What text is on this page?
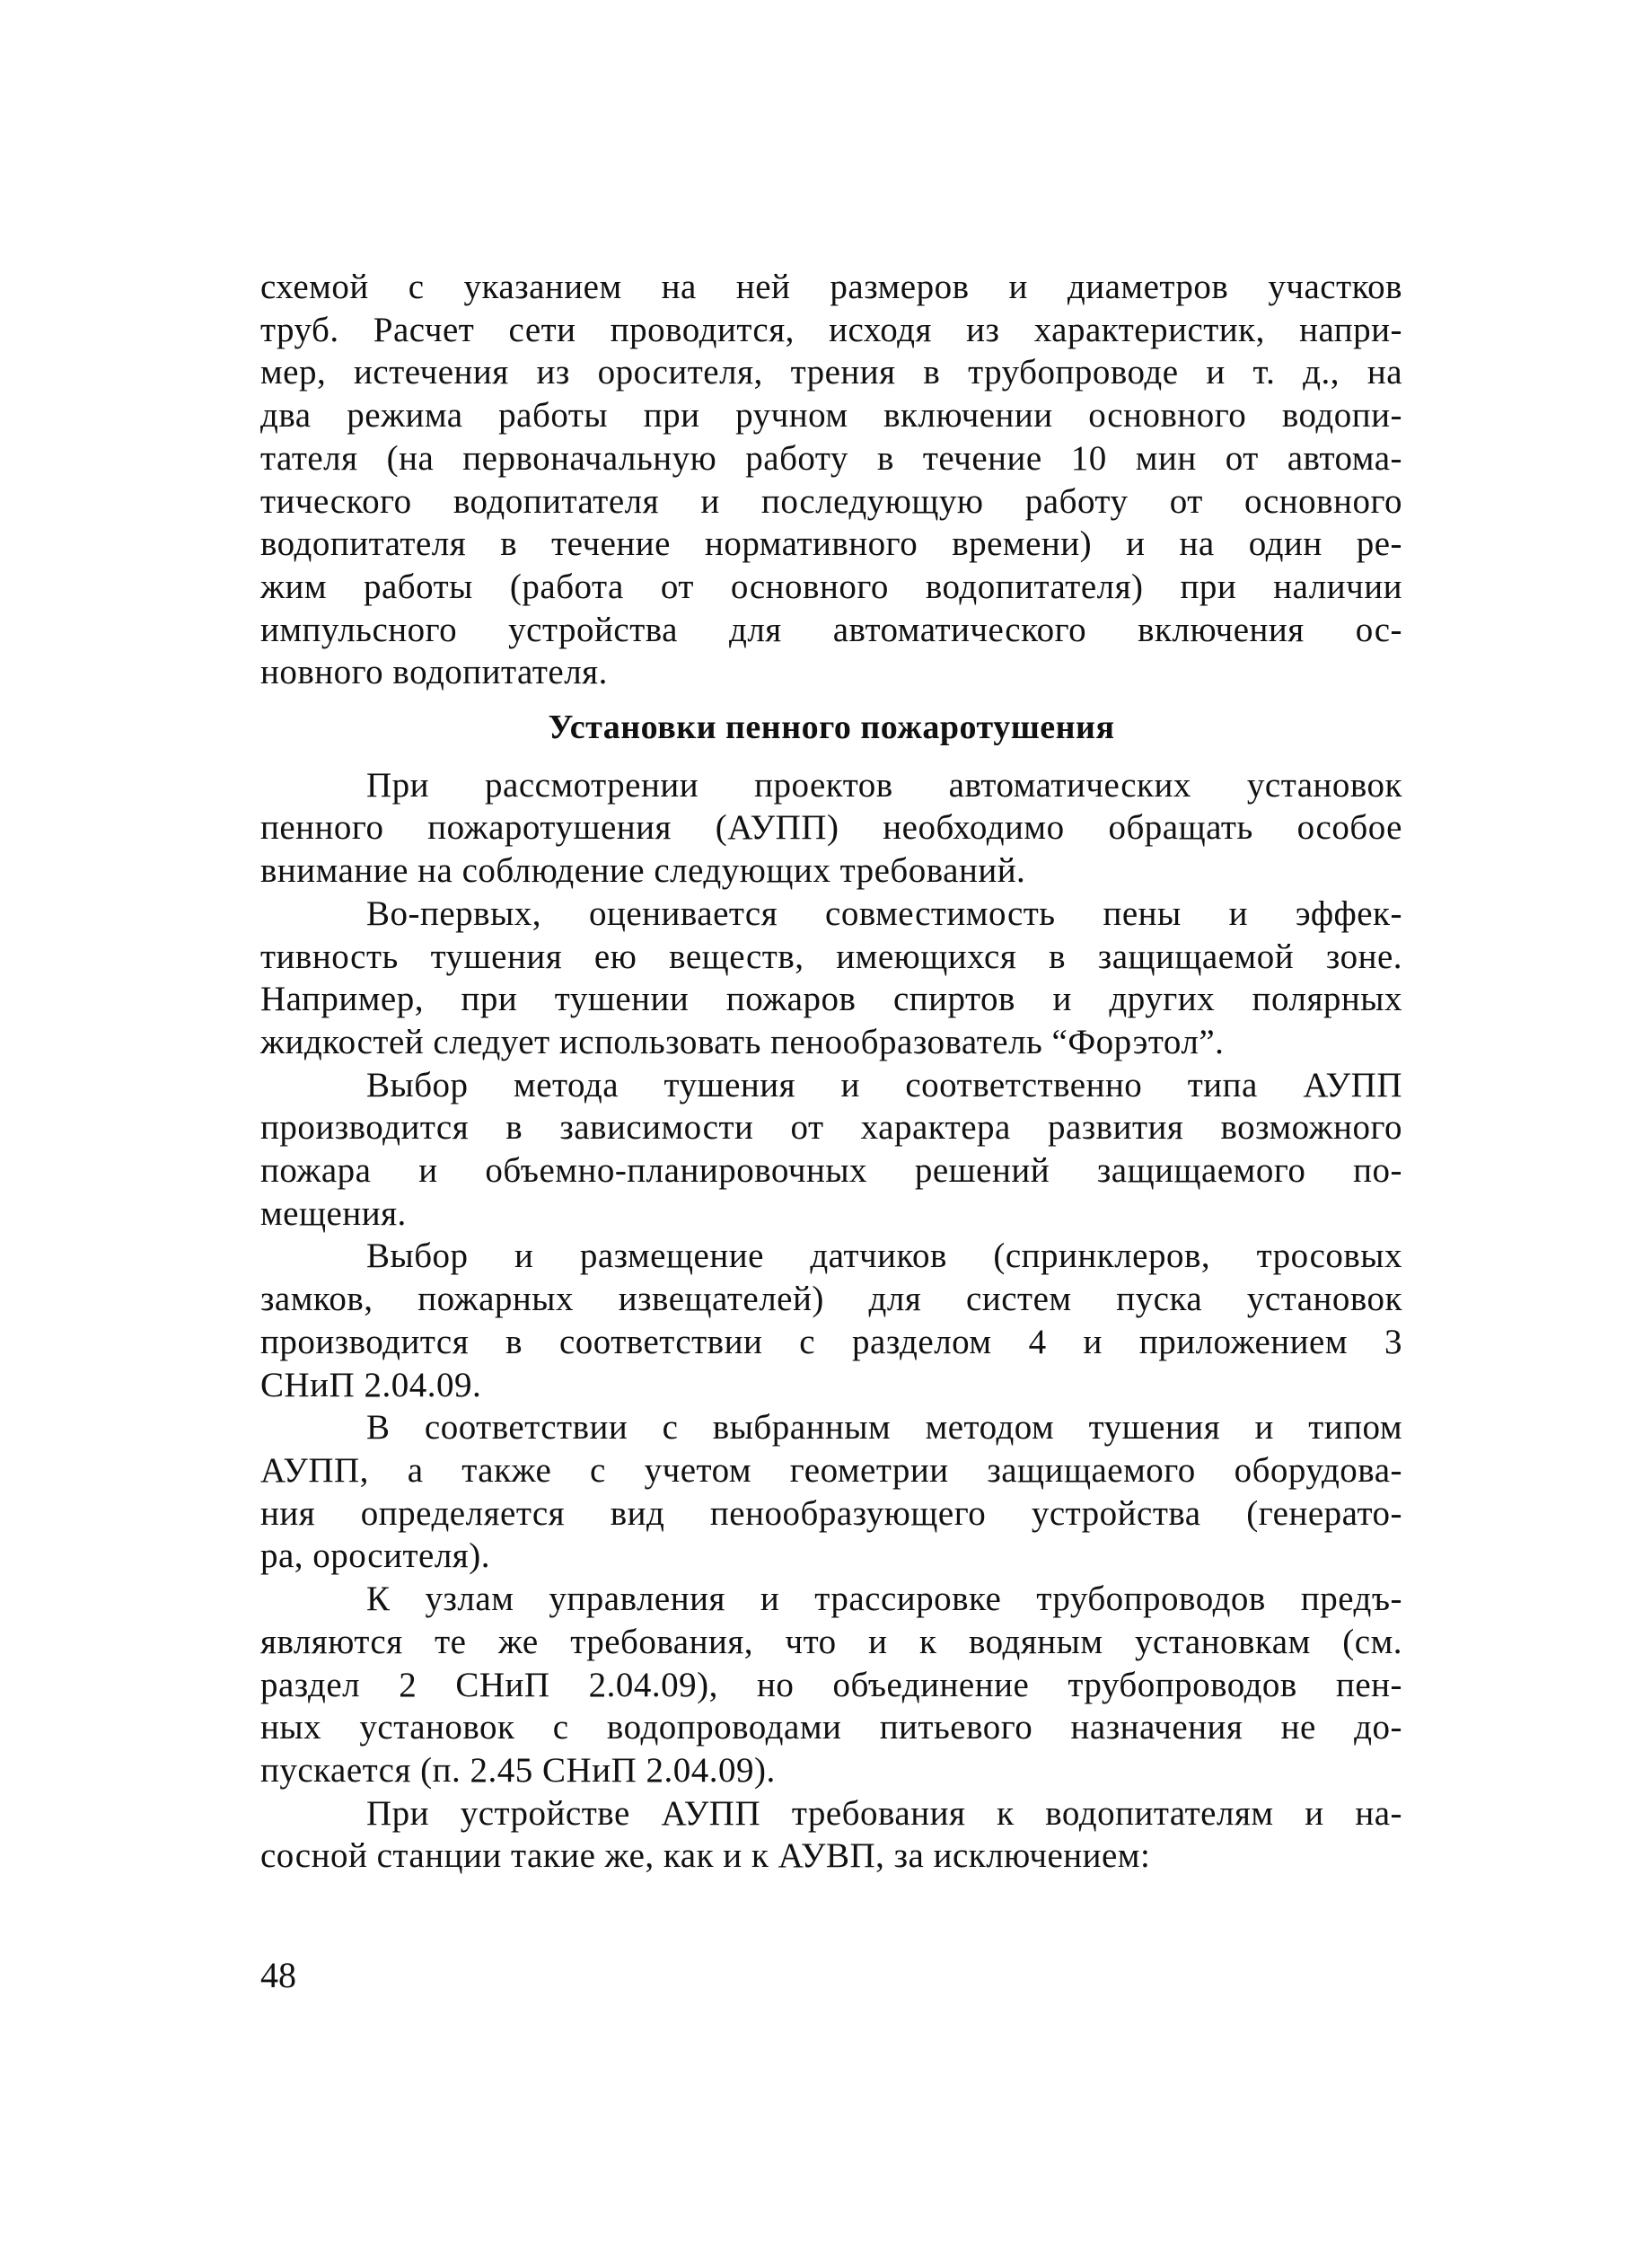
схемой с указанием на ней размеров и диаметров участков
труб. Расчет сети проводится, исходя из характеристик, напри-
мер, истечения из оросителя, трения в трубопроводе и т. д., на
два режима работы при ручном включении основного водопи-
тателя (на первоначальную работу в течение 10 мин от автома-
тического водопитателя и последующую работу от основного
водопитателя в течение нормативного времени) и на один ре-
жим работы (работа от основного водопитателя) при наличии
импульсного устройства для автоматического включения ос-
новного водопитателя.
Установки пенного пожаротушения
При рассмотрении проектов автоматических установок
пенного пожаротушения (АУПП) необходимо обращать особое
внимание на соблюдение следующих требований.
Во-первых, оценивается совместимость пены и эффек-
тивность тушения ею веществ, имеющихся в защищаемой зоне.
Например, при тушении пожаров спиртов и других полярных
жидкостей следует использовать пенообразователь “Форэтол”.
Выбор метода тушения и соответственно типа АУПП
производится в зависимости от характера развития возможного
пожара и объемно-планировочных решений защищаемого по-
мещения.
Выбор и размещение датчиков (спринклеров, тросовых
замков, пожарных извещателей) для систем пуска установок
производится в соответствии с разделом 4 и приложением 3
СНиП 2.04.09.
В соответствии с выбранным методом тушения и типом
АУПП, а также с учетом геометрии защищаемого оборудова-
ния определяется вид пенообразующего устройства (генерато-
ра, оросителя).
К узлам управления и трассировке трубопроводов предъ-
являются те же требования, что и к водяным установкам (см.
раздел 2 СНиП 2.04.09), но объединение трубопроводов пен-
ных установок с водопроводами питьевого назначения не до-
пускается (п. 2.45 СНиП 2.04.09).
При устройстве АУПП требования к водопитателям и на-
сосной станции такие же, как и к АУВП, за исключением:
48
